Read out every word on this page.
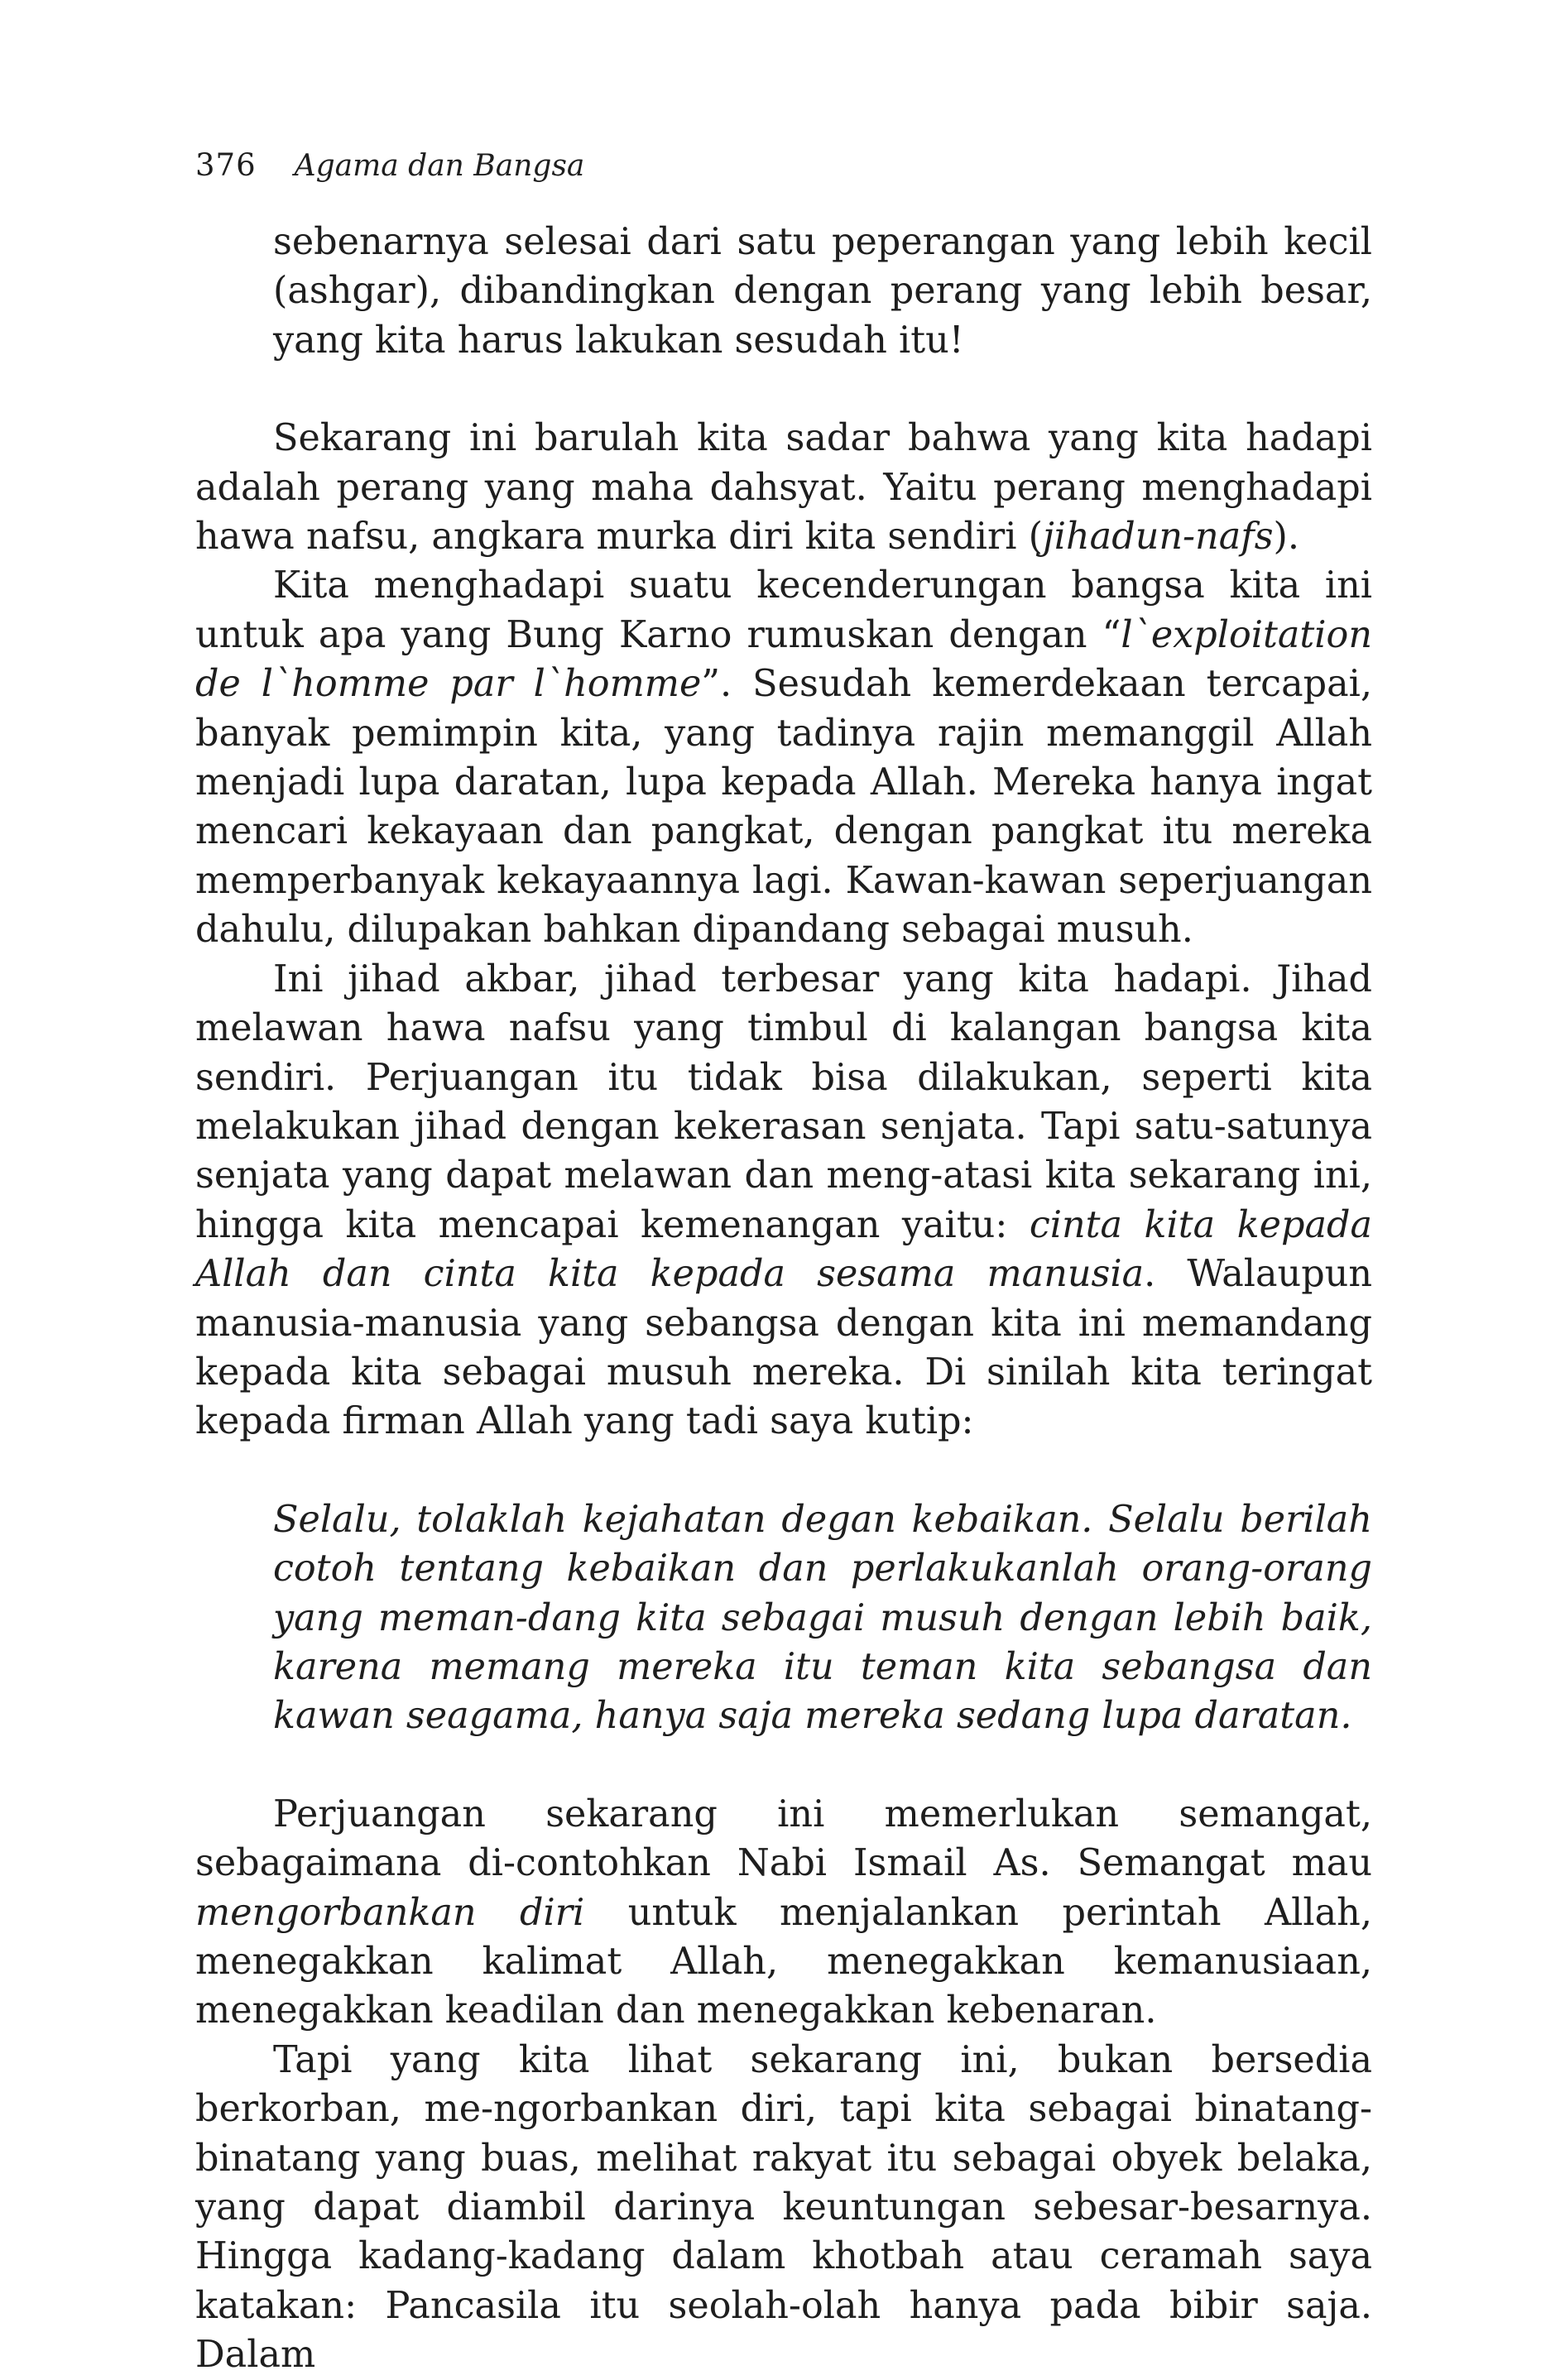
376 Agama dan Bangsa

sebenarnya selesai dari satu peperangan yang lebih kecil (ashgar), dibandingkan dengan perang yang lebih besar, yang kita harus lakukan sesudah itu!

Sekarang ini barulah kita sadar bahwa yang kita hadapi adalah perang yang maha dahsyat. Yaitu perang menghadapi hawa nafsu, angkara murka diri kita sendiri (jihadun-nafs).

Kita menghadapi suatu kecenderungan bangsa kita ini untuk apa yang Bung Karno rumuskan dengan “l`exploitation de l`homme par l`homme”. Sesudah kemerdekaan tercapai, banyak pemimpin kita, yang tadinya rajin memanggil Allah menjadi lupa daratan, lupa kepada Allah. Mereka hanya ingat mencari kekayaan dan pangkat, dengan pangkat itu mereka memperbanyak kekayaannya lagi. Kawan-kawan seperjuangan dahulu, dilupakan bahkan dipandang sebagai musuh.

Ini jihad akbar, jihad terbesar yang kita hadapi. Jihad melawan hawa nafsu yang timbul di kalangan bangsa kita sendiri. Perjuangan itu tidak bisa dilakukan, seperti kita melakukan jihad dengan kekerasan senjata. Tapi satu-satunya senjata yang dapat melawan dan meng-atasi kita sekarang ini, hingga kita mencapai kemenangan yaitu: cinta kita kepada Allah dan cinta kita kepada sesama manusia. Walaupun manusia-manusia yang sebangsa dengan kita ini memandang kepada kita sebagai musuh mereka. Di sinilah kita teringat kepada firman Allah yang tadi saya kutip:

Selalu, tolaklah kejahatan degan kebaikan. Selalu berilah cotoh tentang kebaikan dan perlakukanlah orang-orang yang meman-dang kita sebagai musuh dengan lebih baik, karena memang mereka itu teman kita sebangsa dan kawan seagama, hanya saja mereka sedang lupa daratan.

Perjuangan sekarang ini memerlukan semangat, sebagaimana di-contohkan Nabi Ismail As. Semangat mau mengorbankan diri untuk menjalankan perintah Allah, menegakkan kalimat Allah, menegakkan kemanusiaan, menegakkan keadilan dan menegakkan kebenaran.

Tapi yang kita lihat sekarang ini, bukan bersedia berkorban, me-ngorbankan diri, tapi kita sebagai binatang-binatang yang buas, melihat rakyat itu sebagai obyek belaka, yang dapat diambil darinya keuntungan sebesar-besarnya. Hingga kadang-kadang dalam khotbah atau ceramah saya katakan: Pancasila itu seolah-olah hanya pada bibir saja. Dalam
